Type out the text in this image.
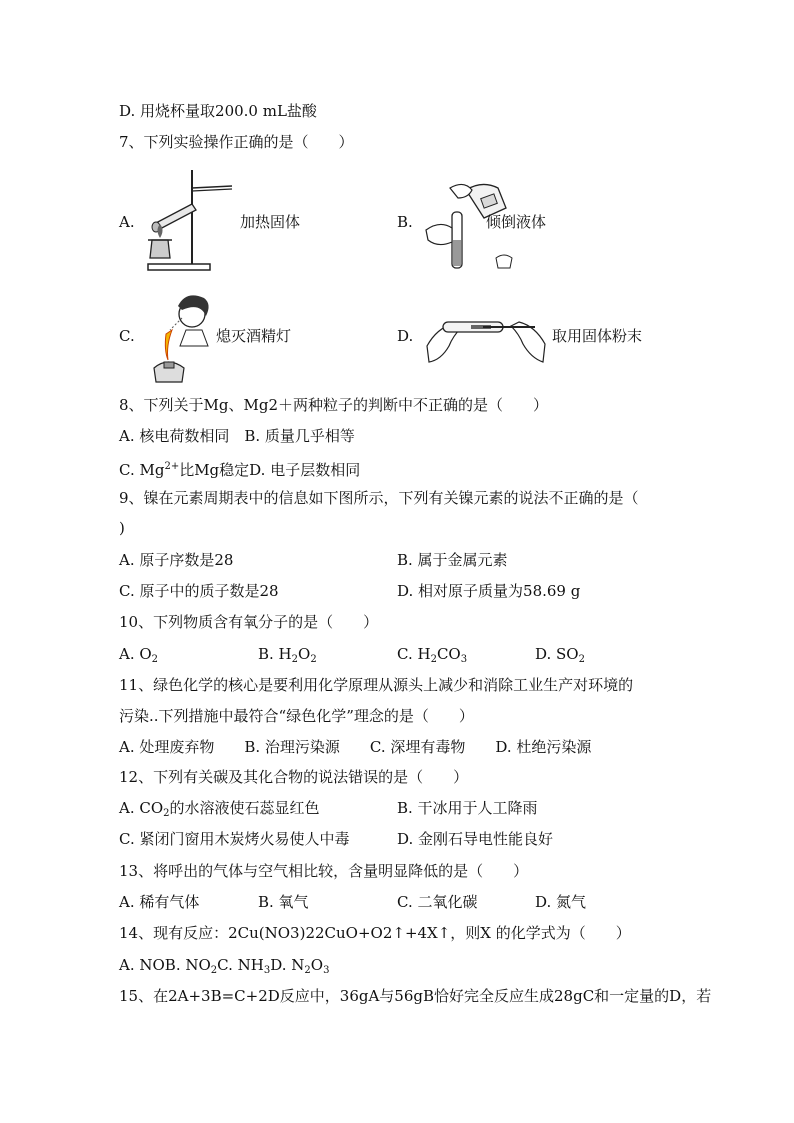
D. 用烧杯量取200.0 mL盐酸
7、下列实验操作正确的是（　　）
A.	加热固体	B.	倾倒液体
C.	熄灭酒精灯	D.	取用固体粉末
8、下列关于Mg、Mg2＋两种粒子的判断中不正确的是（　　）
A. 核电荷数相同　B. 质量几乎相等
C. $Mg^{2+}$比Mg稳定D. 电子层数相同
9、镍在元素周期表中的信息如下图所示，下列有关镍元素的说法不正确的是（
)
A. 原子序数是28	B. 属于金属元素
C. 原子中的质子数是28	D. 相对原子质量为58.69 g
10、下列物质含有氧分子的是（　　）
A. $O_2$	B. $H_2O_2$	C. $H_2CO_3$	D. $SO_2$
11、绿色化学的核心是要利用化学原理从源头上减少和消除工业生产对环境的
污染..下列措施中最符合“绿色化学”理念的是（　　）
A. 处理废弃物　　B. 治理污染源　　C. 深埋有毒物　　D. 杜绝污染源
12、下列有关碳及其化合物的说法错误的是（　　）
A. $CO_2$的水溶液使石蕊显红色	B. 干冰用于人工降雨
C. 紧闭门窗用木炭烤火易使人中毒	D. 金刚石导电性能良好
13、将呼出的气体与空气相比较，含量明显降低的是（　　）
A. 稀有气体	B. 氧气	C. 二氧化碳	D. 氮气
14、现有反应：2Cu(NO3)22CuO+O2↑+4X↑，则X 的化学式为（　　）
A. NOB. $NO_2C$. $NH_3D$. $N_2O_3$
15、在2A+3B=C+2D反应中，36gA与56gB恰好完全反应生成28gC和一定量的D，若
